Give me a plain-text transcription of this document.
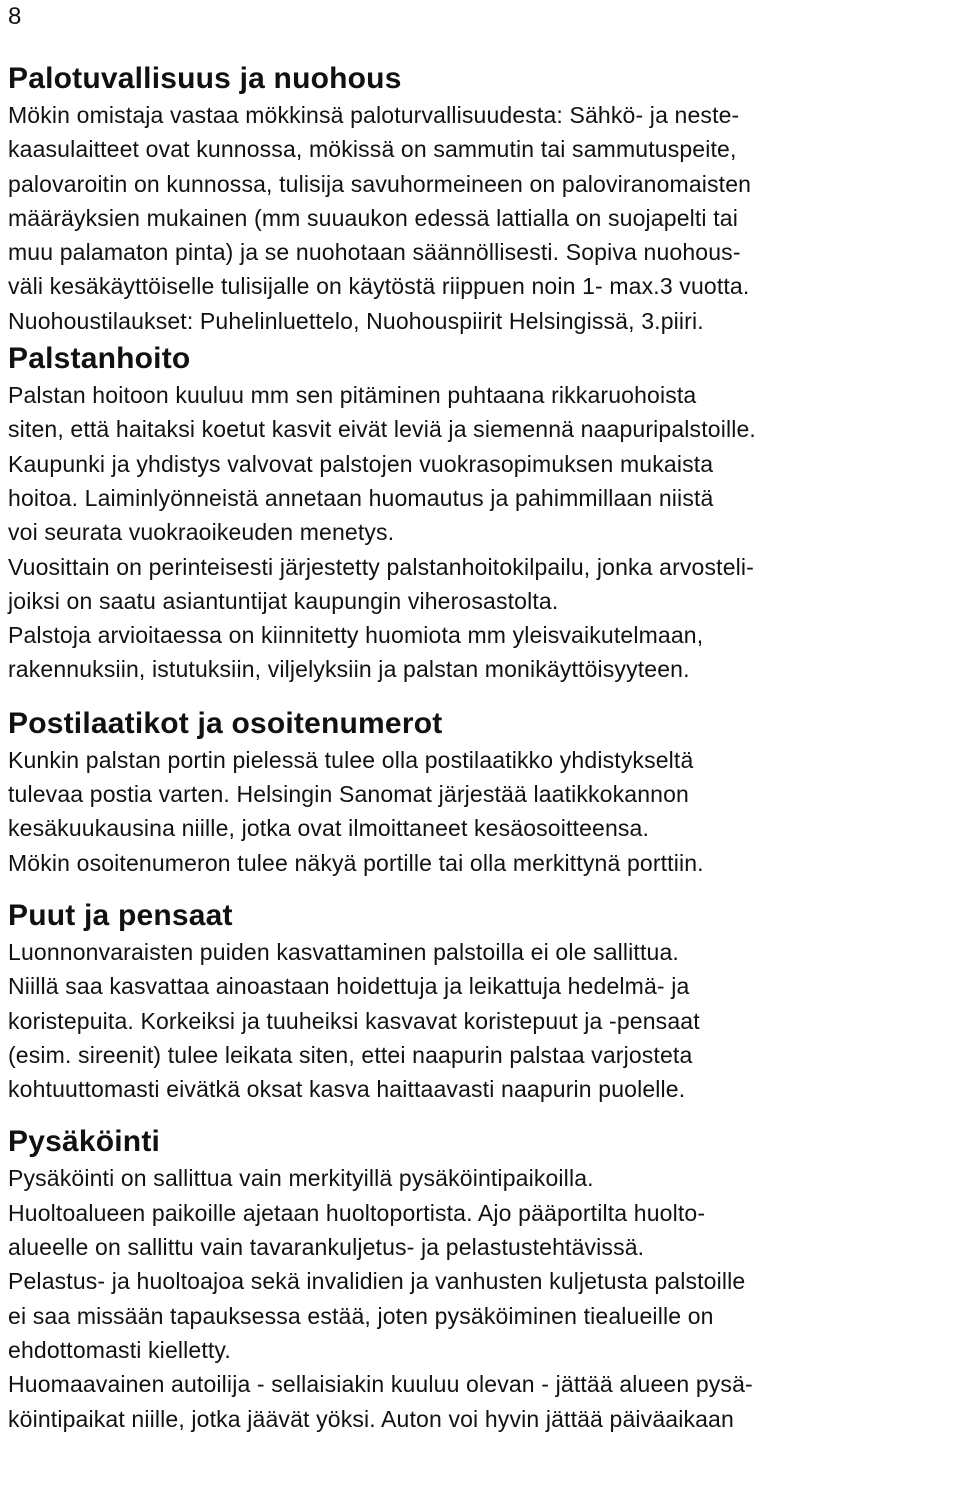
8
Palotuvallisuus ja nuohous

Mökin omistaja vastaa mökkinsä paloturvallisuudesta: Sähkö- ja neste-
kaasulaitteet ovat kunnossa, mökissä on sammutin tai sammutuspeite,
palovaroitin on kunnossa, tulisija savuhormeineen on paloviranomaisten
määräyksien mukainen (mm suuaukon edessä lattialla on suojapelti tai
muu palamaton pinta) ja se nuohotaan säännöllisesti. Sopiva nuohous-
väli kesäkäyttöiselle tulisijalle on käytöstä riippuen noin 1- max.3 vuotta.
Nuohoustilaukset: Puhelinluettelo, Nuohouspiirit Helsingissä, 3.piiri.

Palstanhoito

Palstan hoitoon kuuluu mm sen pitäminen puhtaana rikkaruohoista
siten, että haitaksi koetut kasvit eivät leviä ja siemennä naapuripalstoille.
Kaupunki ja yhdistys valvovat palstojen vuokrasopimuksen mukaista
hoitoa. Laiminlyönneistä annetaan huomautus ja pahimmillaan niistä
voi seurata vuokraoikeuden menetys.
Vuosittain on perinteisesti järjestetty palstanhoitokilpailu, jonka arvosteli-
joiksi on saatu asiantuntijat kaupungin viherosastolta.
Palstoja arvioitaessa on kiinnitetty huomiota mm yleisvaikutelmaan,
rakennuksiin, istutuksiin, viljelyksiin ja palstan monikäyttöisyyteen.

Postilaatikot ja osoitenumerot

Kunkin palstan portin pielessä tulee olla postilaatikko yhdistykseltä
tulevaa postia varten. Helsingin Sanomat järjestää laatikkokannon
kesäkuukausina niille, jotka ovat ilmoittaneet kesäosoitteensa.
Mökin osoitenumeron tulee näkyä portille tai olla merkittynä porttiin.

Puut ja pensaat

Luonnonvaraisten puiden kasvattaminen palstoilla ei ole sallittua.
Niillä saa kasvattaa ainoastaan hoidettuja ja leikattuja hedelmä- ja
koristepuita. Korkeiksi ja tuuheiksi kasvavat koristepuut ja -pensaat
(esim. sireenit) tulee leikata siten, ettei naapurin palstaa varjosteta
kohtuuttomasti eivätkä oksat kasva haittaavasti naapurin puolelle.

Pysäköinti

Pysäköinti on sallittua vain merkityillä pysäköintipaikoilla.
Huoltoalueen paikoille ajetaan huoltoportista. Ajo pääportilta huolto-
alueelle on sallittu vain tavarankuljetus- ja pelastustehtävissä.
Pelastus- ja huoltoajoa sekä invalidien ja vanhusten kuljetusta palstoille
ei saa missään tapauksessa estää, joten pysäköiminen tiealueille on
ehdottomasti kielletty.
Huomaavainen autoilija - sellaisiakin kuuluu olevan - jättää alueen pysä-
köintipaikat niille, jotka jäävät yöksi. Auton voi hyvin jättää päiväaikaan
